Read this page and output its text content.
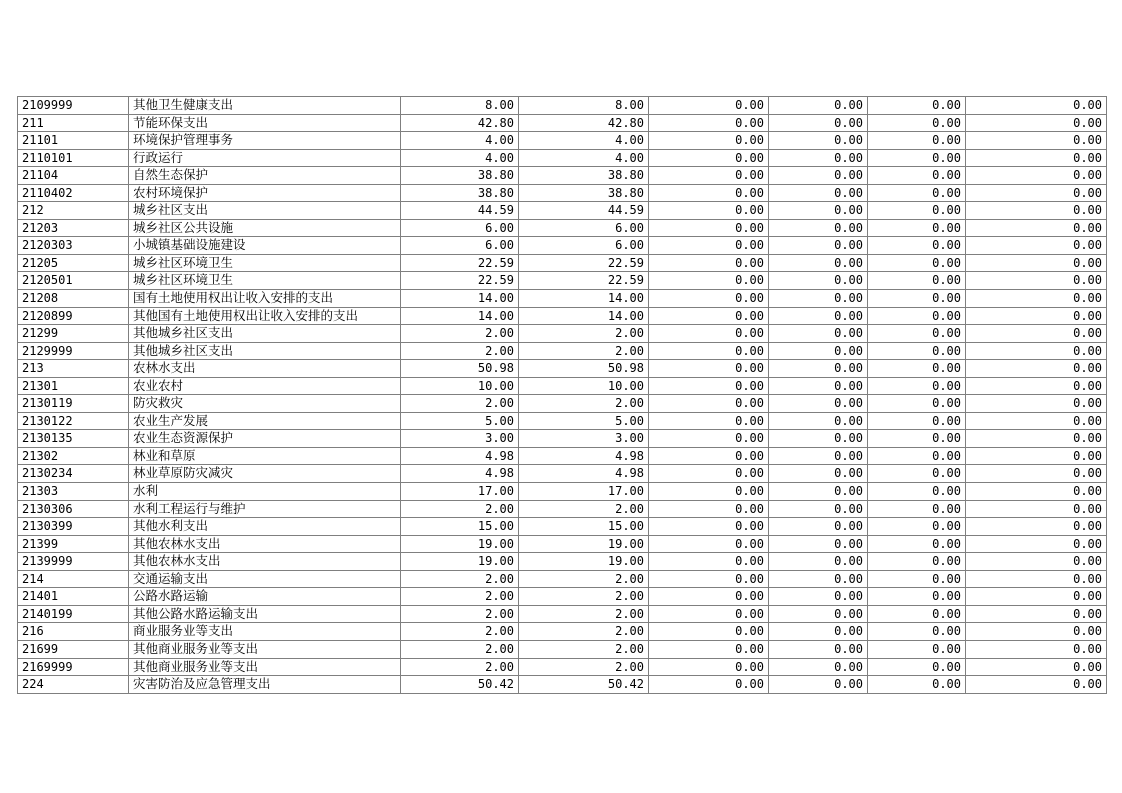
2109999	其他卫生健康支出	8.00	8.00	0.00	0.00	0.00	0.00
211	节能环保支出	42.80	42.80	0.00	0.00	0.00	0.00
21101	环境保护管理事务	4.00	4.00	0.00	0.00	0.00	0.00
2110101	行政运行	4.00	4.00	0.00	0.00	0.00	0.00
21104	自然生态保护	38.80	38.80	0.00	0.00	0.00	0.00
2110402	农村环境保护	38.80	38.80	0.00	0.00	0.00	0.00
212	城乡社区支出	44.59	44.59	0.00	0.00	0.00	0.00
21203	城乡社区公共设施	6.00	6.00	0.00	0.00	0.00	0.00
2120303	小城镇基础设施建设	6.00	6.00	0.00	0.00	0.00	0.00
21205	城乡社区环境卫生	22.59	22.59	0.00	0.00	0.00	0.00
2120501	城乡社区环境卫生	22.59	22.59	0.00	0.00	0.00	0.00
21208	国有土地使用权出让收入安排的支出	14.00	14.00	0.00	0.00	0.00	0.00
2120899	其他国有土地使用权出让收入安排的支出	14.00	14.00	0.00	0.00	0.00	0.00
21299	其他城乡社区支出	2.00	2.00	0.00	0.00	0.00	0.00
2129999	其他城乡社区支出	2.00	2.00	0.00	0.00	0.00	0.00
213	农林水支出	50.98	50.98	0.00	0.00	0.00	0.00
21301	农业农村	10.00	10.00	0.00	0.00	0.00	0.00
2130119	防灾救灾	2.00	2.00	0.00	0.00	0.00	0.00
2130122	农业生产发展	5.00	5.00	0.00	0.00	0.00	0.00
2130135	农业生态资源保护	3.00	3.00	0.00	0.00	0.00	0.00
21302	林业和草原	4.98	4.98	0.00	0.00	0.00	0.00
2130234	林业草原防灾减灾	4.98	4.98	0.00	0.00	0.00	0.00
21303	水利	17.00	17.00	0.00	0.00	0.00	0.00
2130306	水利工程运行与维护	2.00	2.00	0.00	0.00	0.00	0.00
2130399	其他水利支出	15.00	15.00	0.00	0.00	0.00	0.00
21399	其他农林水支出	19.00	19.00	0.00	0.00	0.00	0.00
2139999	其他农林水支出	19.00	19.00	0.00	0.00	0.00	0.00
214	交通运输支出	2.00	2.00	0.00	0.00	0.00	0.00
21401	公路水路运输	2.00	2.00	0.00	0.00	0.00	0.00
2140199	其他公路水路运输支出	2.00	2.00	0.00	0.00	0.00	0.00
216	商业服务业等支出	2.00	2.00	0.00	0.00	0.00	0.00
21699	其他商业服务业等支出	2.00	2.00	0.00	0.00	0.00	0.00
2169999	其他商业服务业等支出	2.00	2.00	0.00	0.00	0.00	0.00
224	灾害防治及应急管理支出	50.42	50.42	0.00	0.00	0.00	0.00
